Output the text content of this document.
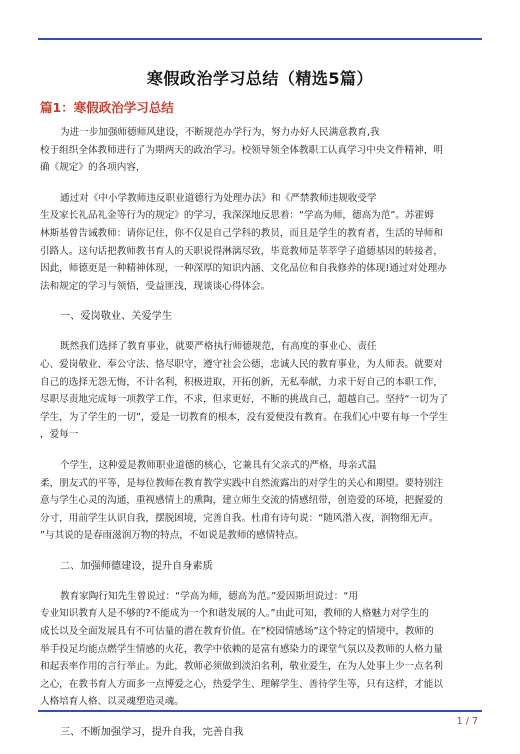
寒假政治学习总结（精选5篇）
篇1：寒假政治学习总结

为进一步加强师德师风建设，不断规范办学行为，努力办好人民满意教育,我
校于组织全体教师进行了为期两天的政治学习。校领导领全体教职工认真学习中央文件精神，明
确《规定》的各项内容，

通过对《中小学教师违反职业道德行为处理办法》和《严禁教师违规收受学
生及家长礼品礼金等行为的规定》的学习，我深深地反思着：“学高为师，德高为范”。苏霍姆
林斯基曾告诫教师：请你记住，你不仅是自己学科的教员，而且是学生的教育者，生活的导师和
引路人。这句话把教师教书育人的天职说得淋漓尽致，毕竟教师是莘莘学子道德基因的转接者，
因此，师德更是一种精神体现，一种深厚的知识内涵、文化品位和自我修养的体现!通过对处理办
法和规定的学习与领悟，受益匪浅，现谈谈心得体会。

一、爱岗敬业、关爱学生

既然我们选择了教育事业，就要严格执行师德规范，有高度的事业心、责任
心、爱岗敬业、奉公守法、恪尽职守，遵守社会公德，忠诚人民的教育事业，为人师表。就要对
自己的选择无怨无悔，不计名利，积极进取，开拓创新，无私奉献，力求干好自己的本职工作，
尽职尽责地完成每一项教学工作，不求，但求更好，不断的挑战自己，超越自己。坚持“一切为了
学生，为了学生的一切”，爱是一切教育的根本，没有爱便没有教育。在我们心中要有每一个学生
，爱每一

个学生，这种爱是教师职业道德的核心，它兼具有父亲式的严格，母亲式温
柔，朋友式的平等，是每位教师在教育教学实践中自然流露出的对学生的关心和期望。要特别注
意与学生心灵的沟通，重视感情上的熏陶，建立师生交流的情感纽带，创造爱的环境，把握爱的
分寸，用前学生认识自我，摆脱困境，完善自我。杜甫有诗句说：“随风潜入夜，润物细无声。
”与其说的是春雨滋润万物的特点，不如说是教师的感情特点。

二、加强师德建设，提升自身素质

教育家陶行知先生曾说过：“学高为师，德高为范。”爱因斯坦说过：“用
专业知识教育人是不够的?不能成为一个和谐发展的人。”由此可知，教师的人格魅力对学生的
成长以及全面发展具有不可估量的潜在教育价值。在”校园情感场”这个特定的情境中，教师的
举手投足均能点燃学生情感的火花，教学中依赖的是富有感染力的课堂气氛以及教师的人格力量
和起表率作用的言行举止。为此，教师必须做到淡泊名利，敬业爱生，在为人处事上少一点名利
之心，在教书育人方面多一点博爱之心，热爱学生、理解学生、善待学生等，只有这样，才能以
人格培育人格、以灵魂塑造灵魂。

三、不断加强学习，提升自我，完善自我

1 / 7
